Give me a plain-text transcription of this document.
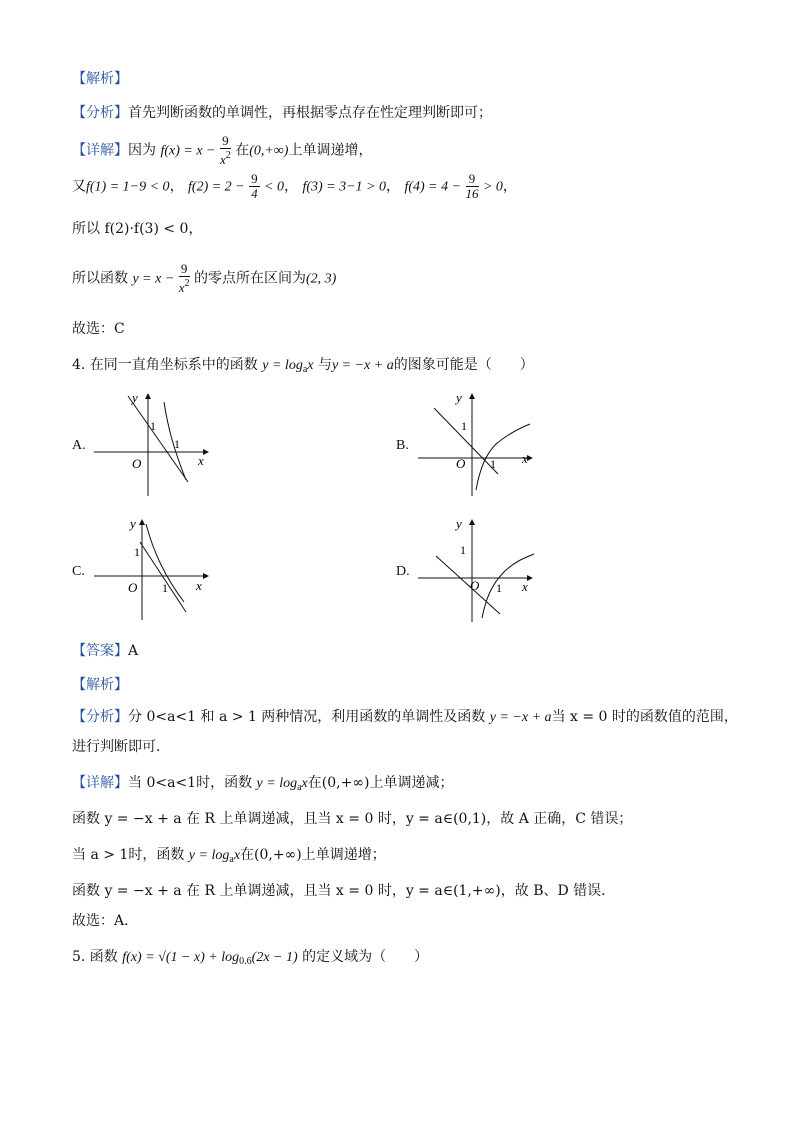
【解析】
【分析】首先判断函数的单调性，再根据零点存在性定理判断即可；
【详解】因为 $f(x) = x - \frac{9}{x^2}$ 在(0,+∞)上单调递增，
又f(1) = 1−9 < 0， $f(2) = 2 - \frac{9}{4} < 0$， f(3) = 3−1 > 0， $f(4) = 4 - \frac{9}{16} > 0$，
所以 f(2)·f(3) < 0，
所以函数 $y = x - \frac{9}{x^2}$ 的零点所在区间为(2, 3)
故选：C
4. 在同一直角坐标系中的函数 $y = \log_ax$ 与y = −x + a的图象可能是（　　）
A.	B.
C.	D.
y
x
O
1
1
y
x
O
1
1
y
x
O
1
1
y
x
O
1
1
【答案】A
【解析】
【分析】分 0<a<1 和 a > 1 两种情况，利用函数的单调性及函数 y = −x + a当 x = 0 时的函数值的范围，
进行判断即可．
【详解】当 0<a<1时，函数 $y = \log_ax$在(0,+∞)上单调递减；
函数 y = −x + a 在 R 上单调递减，且当 x = 0 时，y = a∈(0,1)，故 A 正确，C 错误；
当 a > 1时，函数 $y = \log_ax$在(0,+∞)上单调递增；
函数 y = −x + a 在 R 上单调递减，且当 x = 0 时，y = a∈(1,+∞)，故 B、D 错误．
故选：A．
5. 函数 $f(x) = √(1 - x) + \log_{0.6}(2x - 1)$ 的定义域为（　　）
